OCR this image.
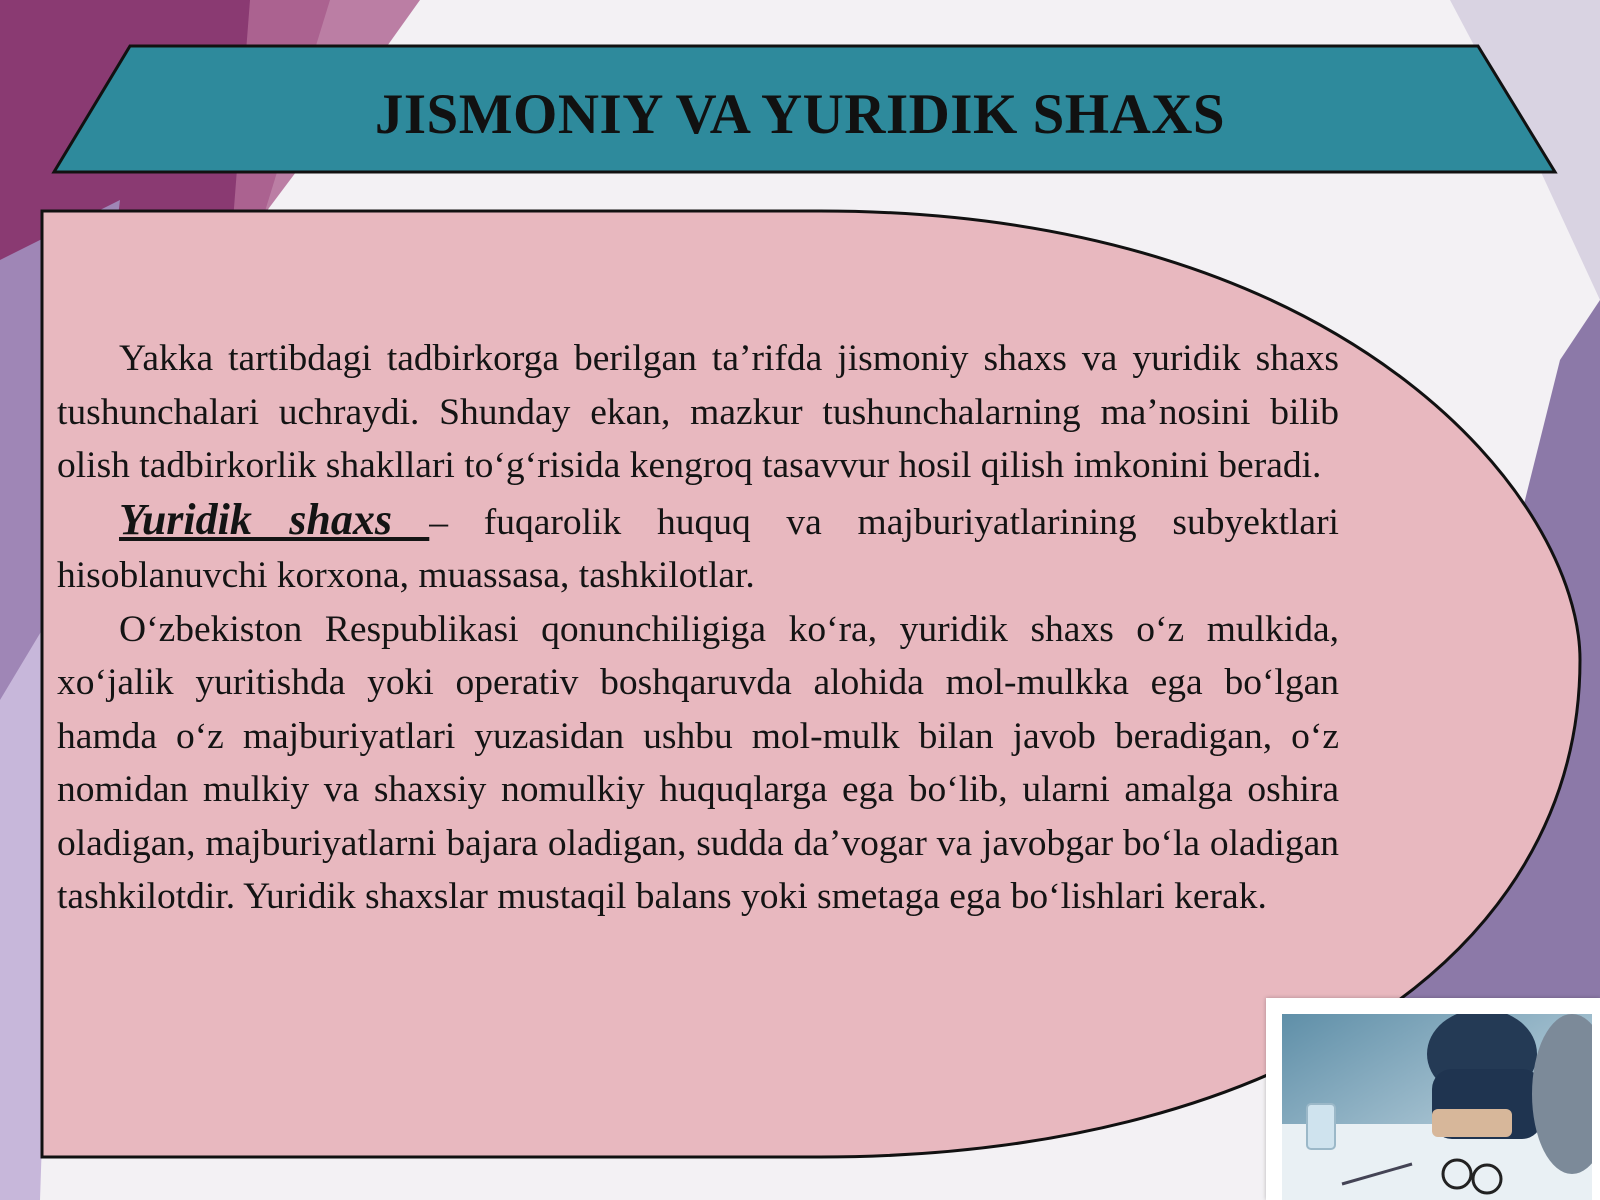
JISMONIY VA YURIDIK SHAXS

Yakka tartibdagi tadbirkorga berilgan ta’rifda jismoniy shaxs va yuridik shaxs tushunchalari uchraydi. Shunday ekan, mazkur tushunchalarning ma’nosini bilib olish tadbirkorlik shakllari to‘g‘risida kengroq tasavvur hosil qilish imkonini beradi.

Yuridik shaxs – fuqarolik huquq va majburiyatlarining subyektlari hisoblanuvchi korxona, muassasa, tashkilotlar.

O‘zbekiston Respublikasi qonunchiligiga ko‘ra, yuridik shaxs o‘z mulkida, xo‘jalik yuritishda yoki operativ boshqaruvda alohida mol-mulkka ega bo‘lgan hamda o‘z majburiyatlari yuzasidan ushbu mol-mulk bilan javob beradigan, o‘z nomidan mulkiy va shaxsiy nomulkiy huquqlarga ega bo‘lib, ularni amalga oshira oladigan, majburiyatlarni bajara oladigan, sudda da’vogar va javobgar bo‘la oladigan tashkilotdir. Yuridik shaxslar mustaqil balans yoki smetaga ega bo‘lishlari kerak.
